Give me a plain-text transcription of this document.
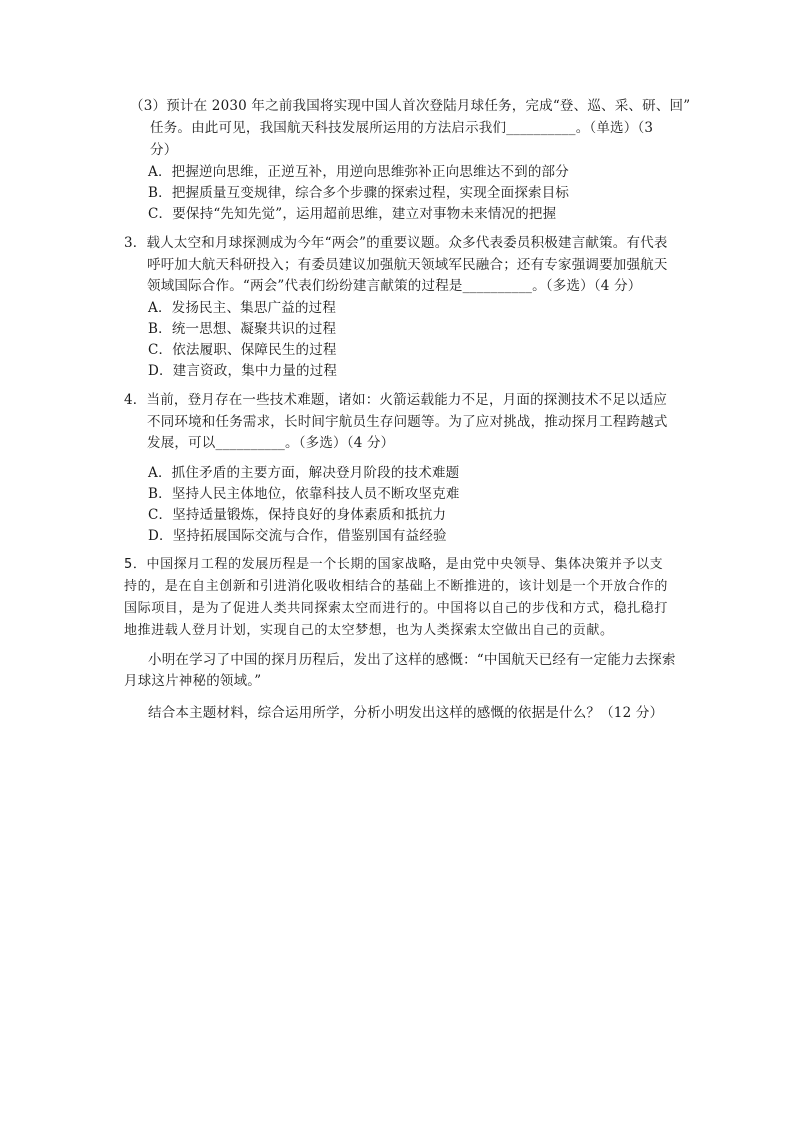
（3）预计在 2030 年之前我国将实现中国人首次登陆月球任务，完成“登、巡、采、研、回”
任务。由此可见，我国航天科技发展所运用的方法启示我们__________。（单选）（3
分）
A．把握逆向思维，正逆互补，用逆向思维弥补正向思维达不到的部分
B．把握质量互变规律，综合多个步骤的探索过程，实现全面探索目标
C．要保持“先知先觉”，运用超前思维，建立对事物未来情况的把握
3．载人太空和月球探测成为今年“两会”的重要议题。众多代表委员积极建言献策。有代表
呼吁加大航天科研投入；有委员建议加强航天领域军民融合；还有专家强调要加强航天
领域国际合作。“两会”代表们纷纷建言献策的过程是__________。（多选）（4 分）
A．发扬民主、集思广益的过程
B．统一思想、凝聚共识的过程
C．依法履职、保障民生的过程
D．建言资政，集中力量的过程
4．当前，登月存在一些技术难题，诸如：火箭运载能力不足，月面的探测技术不足以适应
不同环境和任务需求，长时间宇航员生存问题等。为了应对挑战，推动探月工程跨越式
发展，可以__________。（多选）（4 分）
A．抓住矛盾的主要方面，解决登月阶段的技术难题
B．坚持人民主体地位，依靠科技人员不断攻坚克难
C．坚持适量锻炼，保持良好的身体素质和抵抗力
D．坚持拓展国际交流与合作，借鉴别国有益经验
5．中国探月工程的发展历程是一个长期的国家战略，是由党中央领导、集体决策并予以支
持的，是在自主创新和引进消化吸收相结合的基础上不断推进的，该计划是一个开放合作的
国际项目，是为了促进人类共同探索太空而进行的。中国将以自己的步伐和方式，稳扎稳打
地推进载人登月计划，实现自己的太空梦想，也为人类探索太空做出自己的贡献。
小明在学习了中国的探月历程后，发出了这样的感慨：“中国航天已经有一定能力去探索
月球这片神秘的领域。”
结合本主题材料，综合运用所学，分析小明发出这样的感慨的依据是什么？（12 分）
